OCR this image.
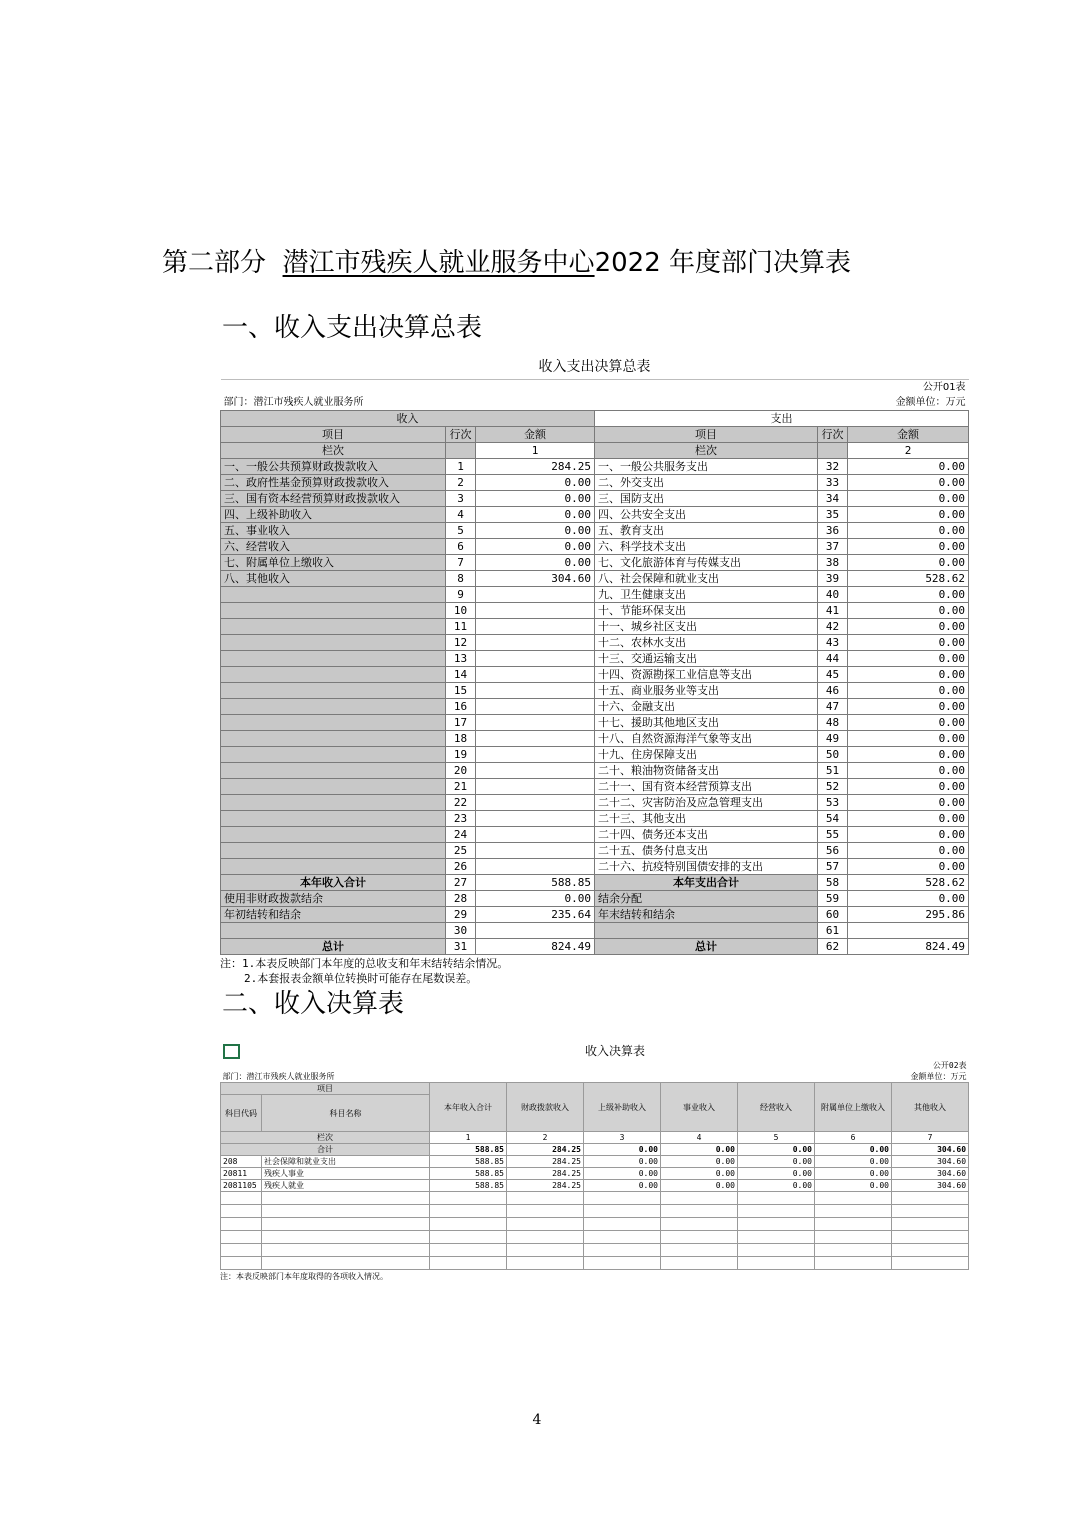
第二部分 潜江市残疾人就业服务中心2022 年度部门决算表
一、收入支出决算总表
收入支出决算总表					
					公开01表
部门：潜江市残疾人就业服务所					金额单位：万元
收入			支出		
项目	行次	金额	项目	行次	金额
栏次		1	栏次		2
一、一般公共预算财政拨款收入	1	284.25	一、一般公共服务支出	32	0.00
二、政府性基金预算财政拨款收入	2	0.00	二、外交支出	33	0.00
三、国有资本经营预算财政拨款收入	3	0.00	三、国防支出	34	0.00
四、上级补助收入	4	0.00	四、公共安全支出	35	0.00
五、事业收入	5	0.00	五、教育支出	36	0.00
六、经营收入	6	0.00	六、科学技术支出	37	0.00
七、附属单位上缴收入	7	0.00	七、文化旅游体育与传媒支出	38	0.00
八、其他收入	8	304.60	八、社会保障和就业支出	39	528.62
	9		九、卫生健康支出	40	0.00
	10		十、节能环保支出	41	0.00
	11		十一、城乡社区支出	42	0.00
	12		十二、农林水支出	43	0.00
	13		十三、交通运输支出	44	0.00
	14		十四、资源勘探工业信息等支出	45	0.00
	15		十五、商业服务业等支出	46	0.00
	16		十六、金融支出	47	0.00
	17		十七、援助其他地区支出	48	0.00
	18		十八、自然资源海洋气象等支出	49	0.00
	19		十九、住房保障支出	50	0.00
	20		二十、粮油物资储备支出	51	0.00
	21		二十一、国有资本经营预算支出	52	0.00
	22		二十二、灾害防治及应急管理支出	53	0.00
	23		二十三、其他支出	54	0.00
	24		二十四、债务还本支出	55	0.00
	25		二十五、债务付息支出	56	0.00
	26		二十六、抗疫特别国债安排的支出	57	0.00
本年收入合计	27	588.85	本年支出合计	58	528.62
使用非财政拨款结余	28	0.00	结余分配	59	0.00
年初结转和结余	29	235.64	年末结转和结余	60	295.86
	30			61	
总计	31	824.49	总计	62	824.49
注：1.本表反映部门本年度的总收支和年末结转结余情况。
2.本套报表金额单位转换时可能存在尾数误差。
二、收入决算表
	收入决算表							
								公开02表
部门：潜江市残疾人就业服务所								金额单位：万元
项目		本年收入合计	财政拨款收入	上级补助收入	事业收入	经营收入	附属单位上缴收入	其他收入
科目代码	科目名称							
栏次		1	2	3	4	5	6	7
合计		588.85	284.25	0.00	0.00	0.00	0.00	304.60
208	社会保障和就业支出	588.85	284.25	0.00	0.00	0.00	0.00	304.60
20811	残疾人事业	588.85	284.25	0.00	0.00	0.00	0.00	304.60
2081105	残疾人就业	588.85	284.25	0.00	0.00	0.00	0.00	304.60

注：本表反映部门本年度取得的各项收入情况。
4
